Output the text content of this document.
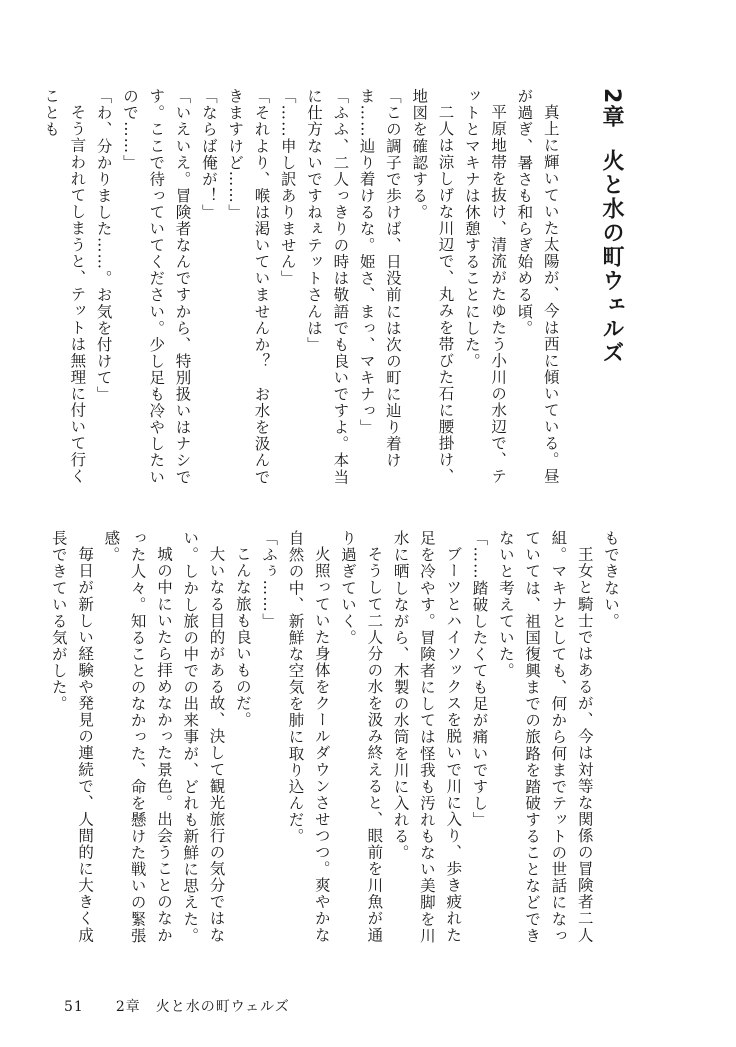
2章火と水の町ウェルズ

真上に輝いていた太陽が、今は西に傾いている。昼が過ぎ、暑さも和らぎ始める頃。

平原地帯を抜け、清流がたゆたう小川の水辺で、テットとマキナは休憩することにした。

二人は涼しげな川辺で、丸みを帯びた石に腰掛け、地図を確認する。

「この調子で歩けば、日没前には次の町に辿り着けま……辿り着けるな。姫さ、まっ、マキナっ」

「ふふ、二人っきりの時は敬語でも良いですよ。本当に仕方ないですねぇテットさんは」

「……申し訳ありません」

「それより、喉は渇いていませんか？　お水を汲んできますけど……」

「ならば俺が！」

「いえいえ。冒険者なんですから、特別扱いはナシです。ここで待っていてください。少し足も冷やしたいので……」

「わ、分かりました……。お気を付けて」

そう言われてしまうと、テットは無理に付いて行くことも

もできない。

王女と騎士ではあるが、今は対等な関係の冒険者二人組。マキナとしても、何から何までテットの世話になっていては、祖国復興までの旅路を踏破することなどできないと考えていた。

「……踏破したくても足が痛いですし」

ブーツとハイソックスを脱いで川に入り、歩き疲れた足を冷やす。冒険者にしては怪我も汚れもない美脚を川水に晒しながら、木製の水筒を川に入れる。

そうして二人分の水を汲み終えると、眼前を川魚が通り過ぎていく。

火照っていた身体をクールダウンさせつつ。爽やかな自然の中、新鮮な空気を肺に取り込んだ。

「ふぅ……」

こんな旅も良いものだ。

大いなる目的がある故、決して観光旅行の気分ではない。しかし旅の中での出来事が、どれも新鮮に思えた。

城の中にいたら拝めなかった景色。出会うことのなかった人々。知ることのなかった、命を懸けた戦いの緊張感。

毎日が新しい経験や発見の連続で、人間的に大きく成長できている気がした。

51 2章　火と水の町ウェルズ
